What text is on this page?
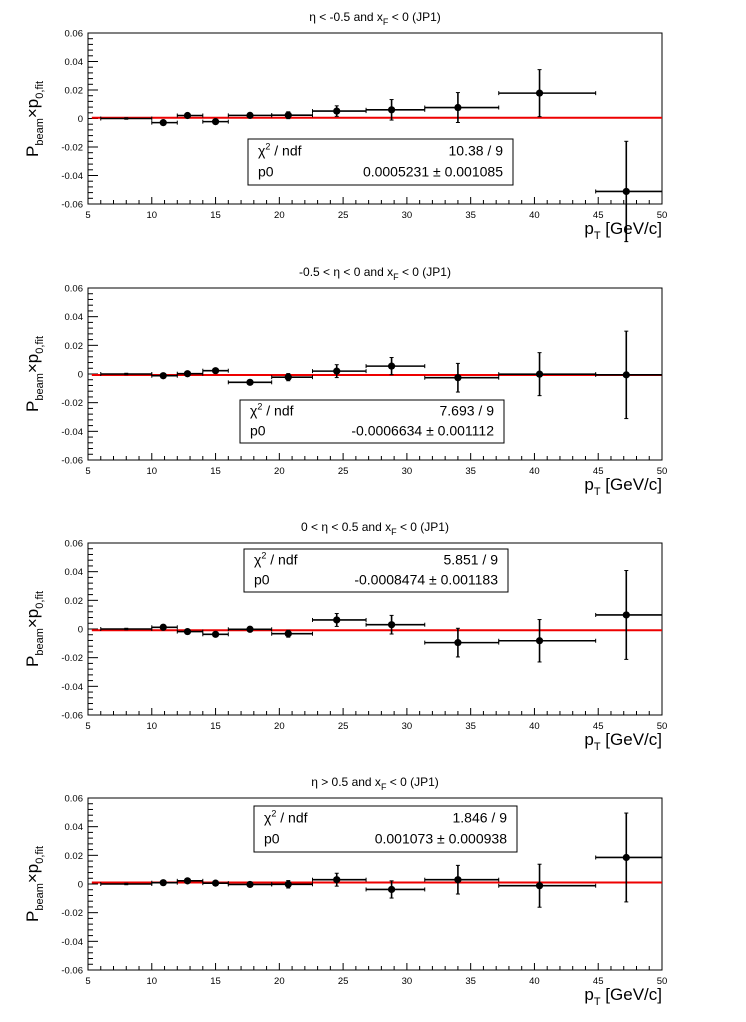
η < -0.5 and $x_F < 0$ (JP1)
-0.06
-0.04
-0.02
0
0.02
0.04
0.06
5	10	15	20	25	30	35	40	45	50
$p_T$ [GeV/c]
$P_{beam}\times p_{0,fit}$
$\chi^2$ / ndf	10.38 / 9
p0	0.0005231 ± 0.001085
-0.5 < η < 0 and $x_F < 0$ (JP1)
-0.06
-0.04
-0.02
0
0.02
0.04
0.06
5	10	15	20	25	30	35	40	45	50
$p_T$ [GeV/c]
$P_{beam}\times p_{0,fit}$
$\chi^2$ / ndf	7.693 / 9
p0	-0.0006634 ± 0.001112
0 < η < 0.5 and $x_F < 0$ (JP1)
-0.06
-0.04
-0.02
0
0.02
0.04
0.06
5	10	15	20	25	30	35	40	45	50
$p_T$ [GeV/c]
$P_{beam}\times p_{0,fit}$
$\chi^2$ / ndf	5.851 / 9
p0	-0.0008474 ± 0.001183
η > 0.5 and $x_F < 0$ (JP1)
-0.06
-0.04
-0.02
0
0.02
0.04
0.06
5	10	15	20	25	30	35	40	45	50
$p_T$ [GeV/c]
$P_{beam}\times p_{0,fit}$
$\chi^2$ / ndf	1.846 / 9
p0	0.001073 ± 0.000938
